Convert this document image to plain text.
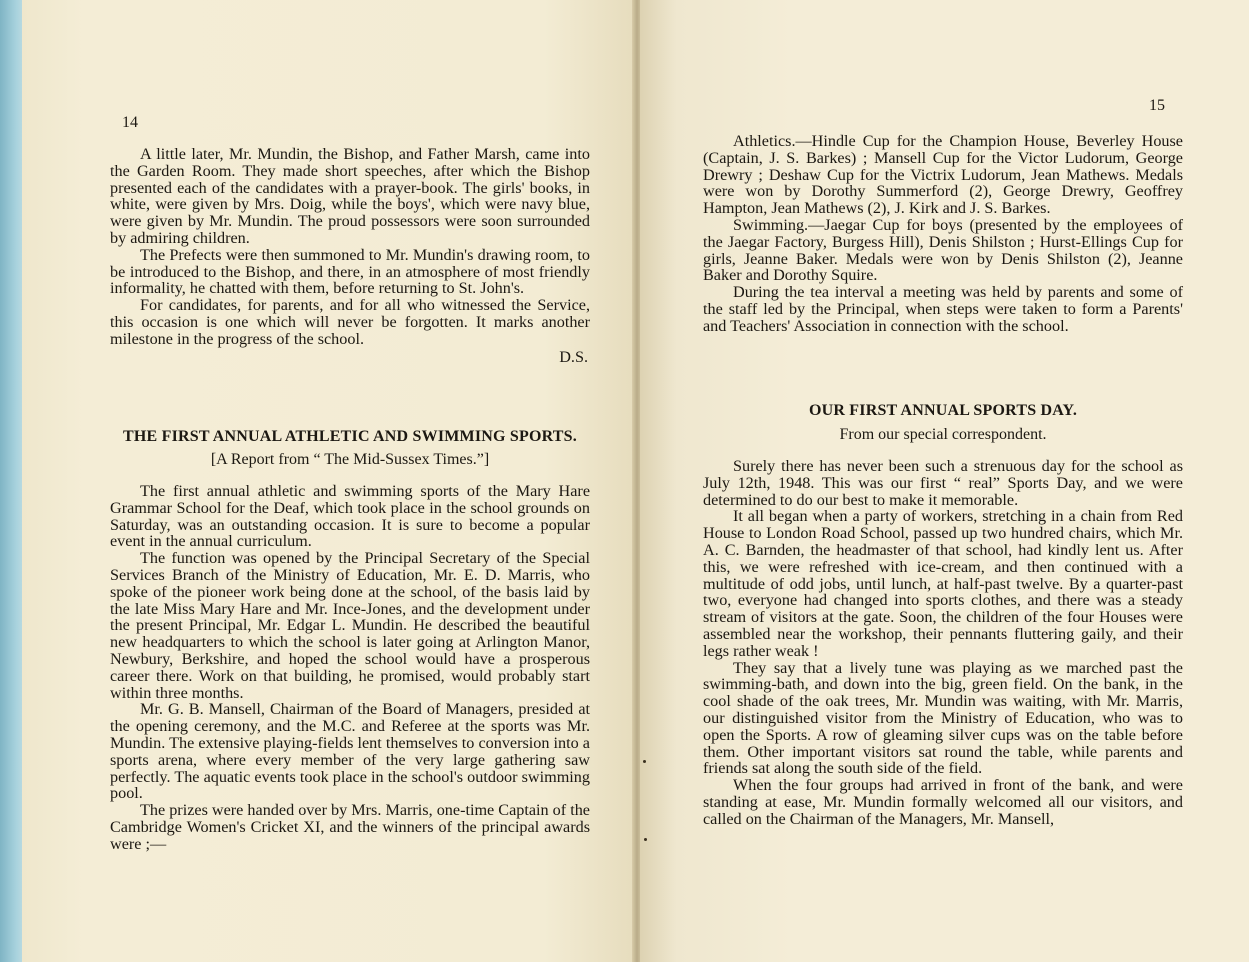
14

A little later, Mr. Mundin, the Bishop, and Father Marsh, came into the Garden Room. They made short speeches, after which the Bishop presented each of the candidates with a prayer-book. The girls' books, in white, were given by Mrs. Doig, while the boys', which were navy blue, were given by Mr. Mundin. The proud possessors were soon surrounded by admiring children.

The Prefects were then summoned to Mr. Mundin's drawing room, to be introduced to the Bishop, and there, in an atmosphere of most friendly informality, he chatted with them, before returning to St. John's.

For candidates, for parents, and for all who witnessed the Service, this occasion is one which will never be forgotten. It marks another milestone in the progress of the school.

D.S.
THE FIRST ANNUAL ATHLETIC AND SWIMMING SPORTS.
[A Report from “ The Mid-Sussex Times.”]

The first annual athletic and swimming sports of the Mary Hare Grammar School for the Deaf, which took place in the school grounds on Saturday, was an outstanding occasion. It is sure to become a popular event in the annual curriculum.

The function was opened by the Principal Secretary of the Special Services Branch of the Ministry of Education, Mr. E. D. Marris, who spoke of the pioneer work being done at the school, of the basis laid by the late Miss Mary Hare and Mr. Ince-Jones, and the development under the present Principal, Mr. Edgar L. Mundin. He described the beautiful new headquarters to which the school is later going at Arlington Manor, Newbury, Berkshire, and hoped the school would have a prosperous career there. Work on that building, he promised, would probably start within three months.

Mr. G. B. Mansell, Chairman of the Board of Managers, presided at the opening ceremony, and the M.C. and Referee at the sports was Mr. Mundin. The extensive playing-fields lent themselves to conversion into a sports arena, where every member of the very large gathering saw perfectly. The aquatic events took place in the school's outdoor swimming pool.

The prizes were handed over by Mrs. Marris, one-time Captain of the Cambridge Women's Cricket XI, and the winners of the principal awards were ;—

15

Athletics.—Hindle Cup for the Champion House, Beverley House (Captain, J. S. Barkes) ; Mansell Cup for the Victor Ludorum, George Drewry ; Deshaw Cup for the Victrix Ludorum, Jean Mathews. Medals were won by Dorothy Summerford (2), George Drewry, Geoffrey Hampton, Jean Mathews (2), J. Kirk and J. S. Barkes.

Swimming.—Jaegar Cup for boys (presented by the employees of the Jaegar Factory, Burgess Hill), Denis Shilston ; Hurst-Ellings Cup for girls, Jeanne Baker. Medals were won by Denis Shilston (2), Jeanne Baker and Dorothy Squire.

During the tea interval a meeting was held by parents and some of the staff led by the Principal, when steps were taken to form a Parents' and Teachers' Association in connection with the school.

OUR FIRST ANNUAL SPORTS DAY.
From our special correspondent.

Surely there has never been such a strenuous day for the school as July 12th, 1948. This was our first “ real” Sports Day, and we were determined to do our best to make it memorable.

It all began when a party of workers, stretching in a chain from Red House to London Road School, passed up two hundred chairs, which Mr. A. C. Barnden, the headmaster of that school, had kindly lent us. After this, we were refreshed with ice-cream, and then continued with a multitude of odd jobs, until lunch, at half-past twelve. By a quarter-past two, everyone had changed into sports clothes, and there was a steady stream of visitors at the gate. Soon, the children of the four Houses were assembled near the workshop, their pennants fluttering gaily, and their legs rather weak !

They say that a lively tune was playing as we marched past the swimming-bath, and down into the big, green field. On the bank, in the cool shade of the oak trees, Mr. Mundin was waiting, with Mr. Marris, our distinguished visitor from the Ministry of Education, who was to open the Sports. A row of gleaming silver cups was on the table before them. Other important visitors sat round the table, while parents and friends sat along the south side of the field.

When the four groups had arrived in front of the bank, and were standing at ease, Mr. Mundin formally welcomed all our visitors, and called on the Chairman of the Managers, Mr. Mansell,
